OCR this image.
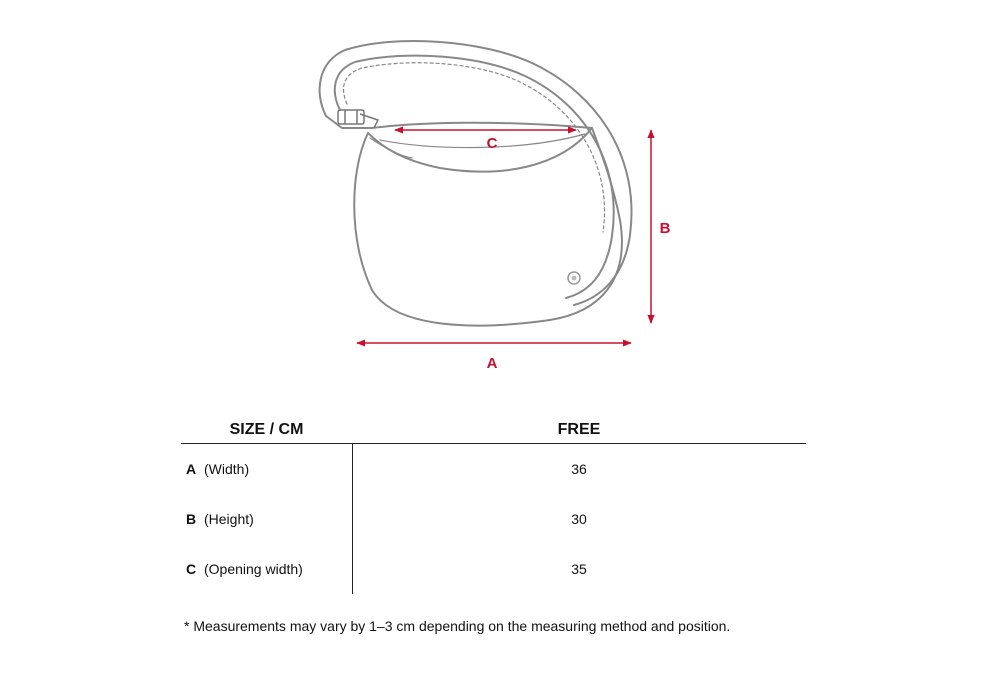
C
B
A
SIZE / CM	FREE
A (Width)	36
B (Height)	30
C (Opening width)	35
* Measurements may vary by 1–3 cm depending on the measuring method and position.
